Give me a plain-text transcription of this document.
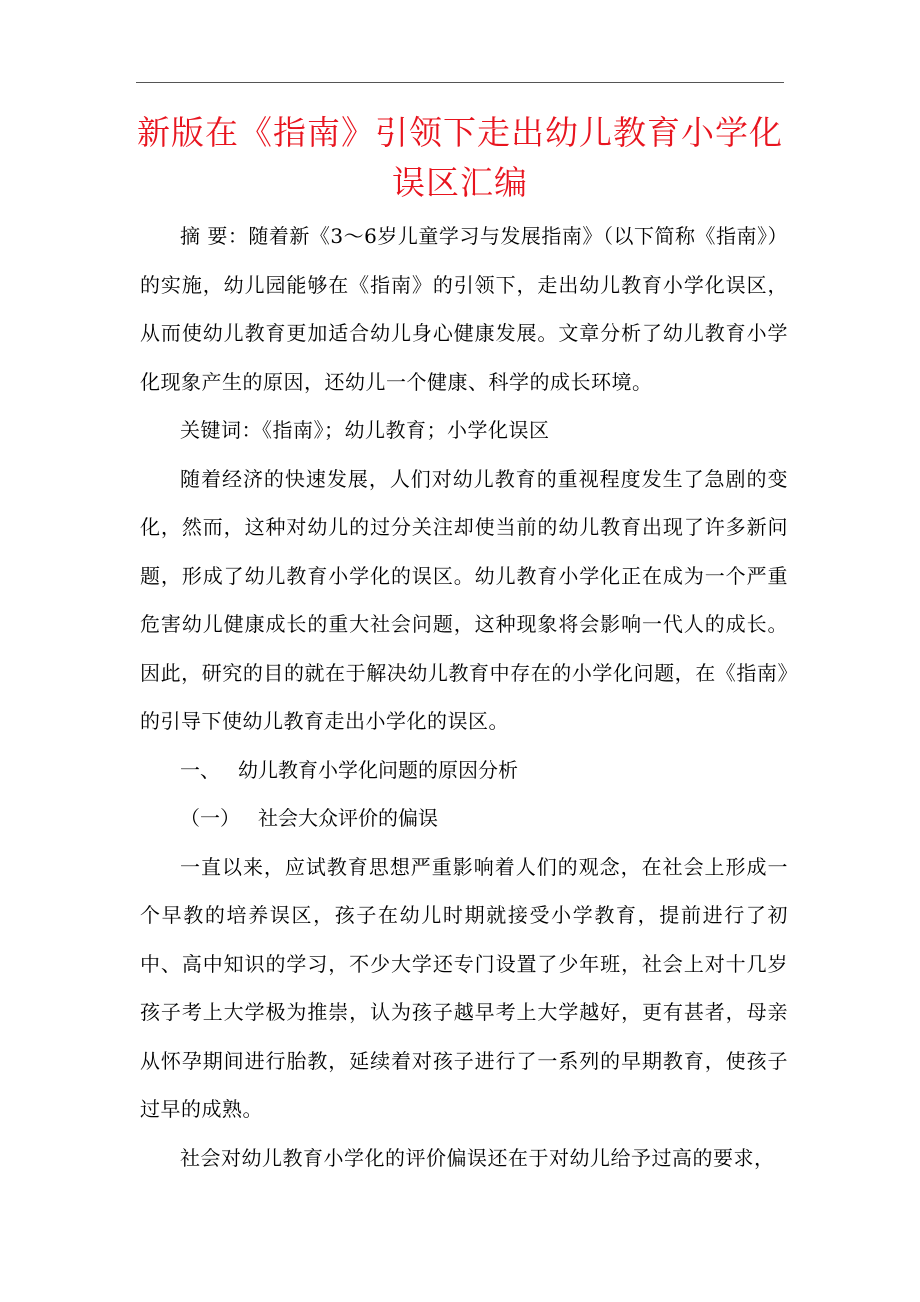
新版在《指南》引领下走出幼儿教育小学化
误区汇编

摘 要：随着新《3～6岁儿童学习与发展指南》（以下简称《指南》）的实施，幼儿园能够在《指南》的引领下，走出幼儿教育小学化误区，从而使幼儿教育更加适合幼儿身心健康发展。文章分析了幼儿教育小学化现象产生的原因，还幼儿一个健康、科学的成长环境。

关键词：《指南》；幼儿教育；小学化误区

随着经济的快速发展，人们对幼儿教育的重视程度发生了急剧的变化，然而，这种对幼儿的过分关注却使当前的幼儿教育出现了许多新问题，形成了幼儿教育小学化的误区。幼儿教育小学化正在成为一个严重危害幼儿健康成长的重大社会问题，这种现象将会影响一代人的成长。因此，研究的目的就在于解决幼儿教育中存在的小学化问题，在《指南》的引导下使幼儿教育走出小学化的误区。

一、 幼儿教育小学化问题的原因分析

（一） 社会大众评价的偏误

一直以来，应试教育思想严重影响着人们的观念，在社会上形成一个早教的培养误区，孩子在幼儿时期就接受小学教育，提前进行了初中、高中知识的学习，不少大学还专门设置了少年班，社会上对十几岁孩子考上大学极为推崇，认为孩子越早考上大学越好，更有甚者，母亲从怀孕期间进行胎教，延续着对孩子进行了一系列的早期教育，使孩子过早的成熟。

社会对幼儿教育小学化的评价偏误还在于对幼儿给予过高的要求，
